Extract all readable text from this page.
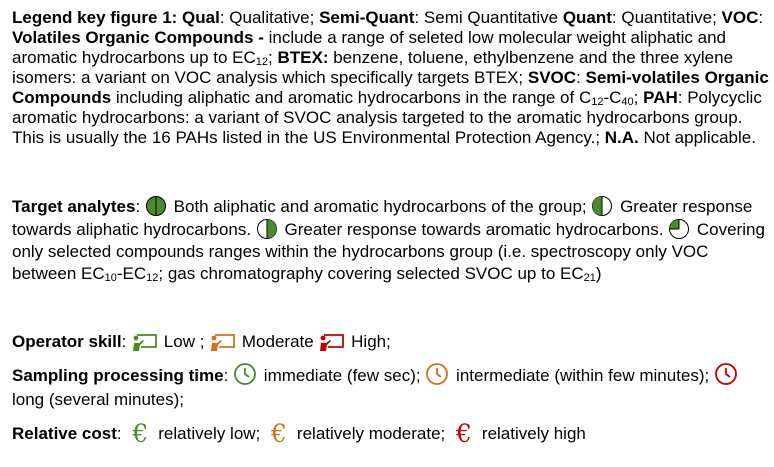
Legend key figure 1: Qual: Qualitative; Semi-Quant: Semi Quantitative Quant: Quantitative; VOC: Volatiles Organic Compounds - include a range of seleted low molecular weight aliphatic and aromatic hydrocarbons up to $EC_{12}$; BTEX: benzene, toluene, ethylbenzene and the three xylene isomers: a variant on VOC analysis which specifically targets BTEX; SVOC: Semi-volatiles Organic Compounds including aliphatic and aromatic hydrocarbons in the range of $C_{12}-C_{40}$; PAH: Polycyclic aromatic hydrocarbons: a variant of SVOC analysis targeted to the aromatic hydrocarbons group. This is usually the 16 PAHs listed in the US Environmental Protection Agency.; N.A. Not applicable.
Target analytes:
Both aliphatic and aromatic hydrocarbons of the group;
Greater response towards aliphatic hydrocarbons.
Greater response towards aromatic hydrocarbons.
Covering only selected compounds ranges within the hydrocarbons group (i.e. spectroscopy only VOC between $EC_{10}-EC_{12}$; gas chromatography covering selected SVOC up to $EC_{21}$)
Operator skill:
Low ;
Moderate
High;
Sampling processing time:
immediate (few sec);
intermediate (within few minutes);
long (several minutes);
Relative cost: € relatively low; € relatively moderate; € relatively high
